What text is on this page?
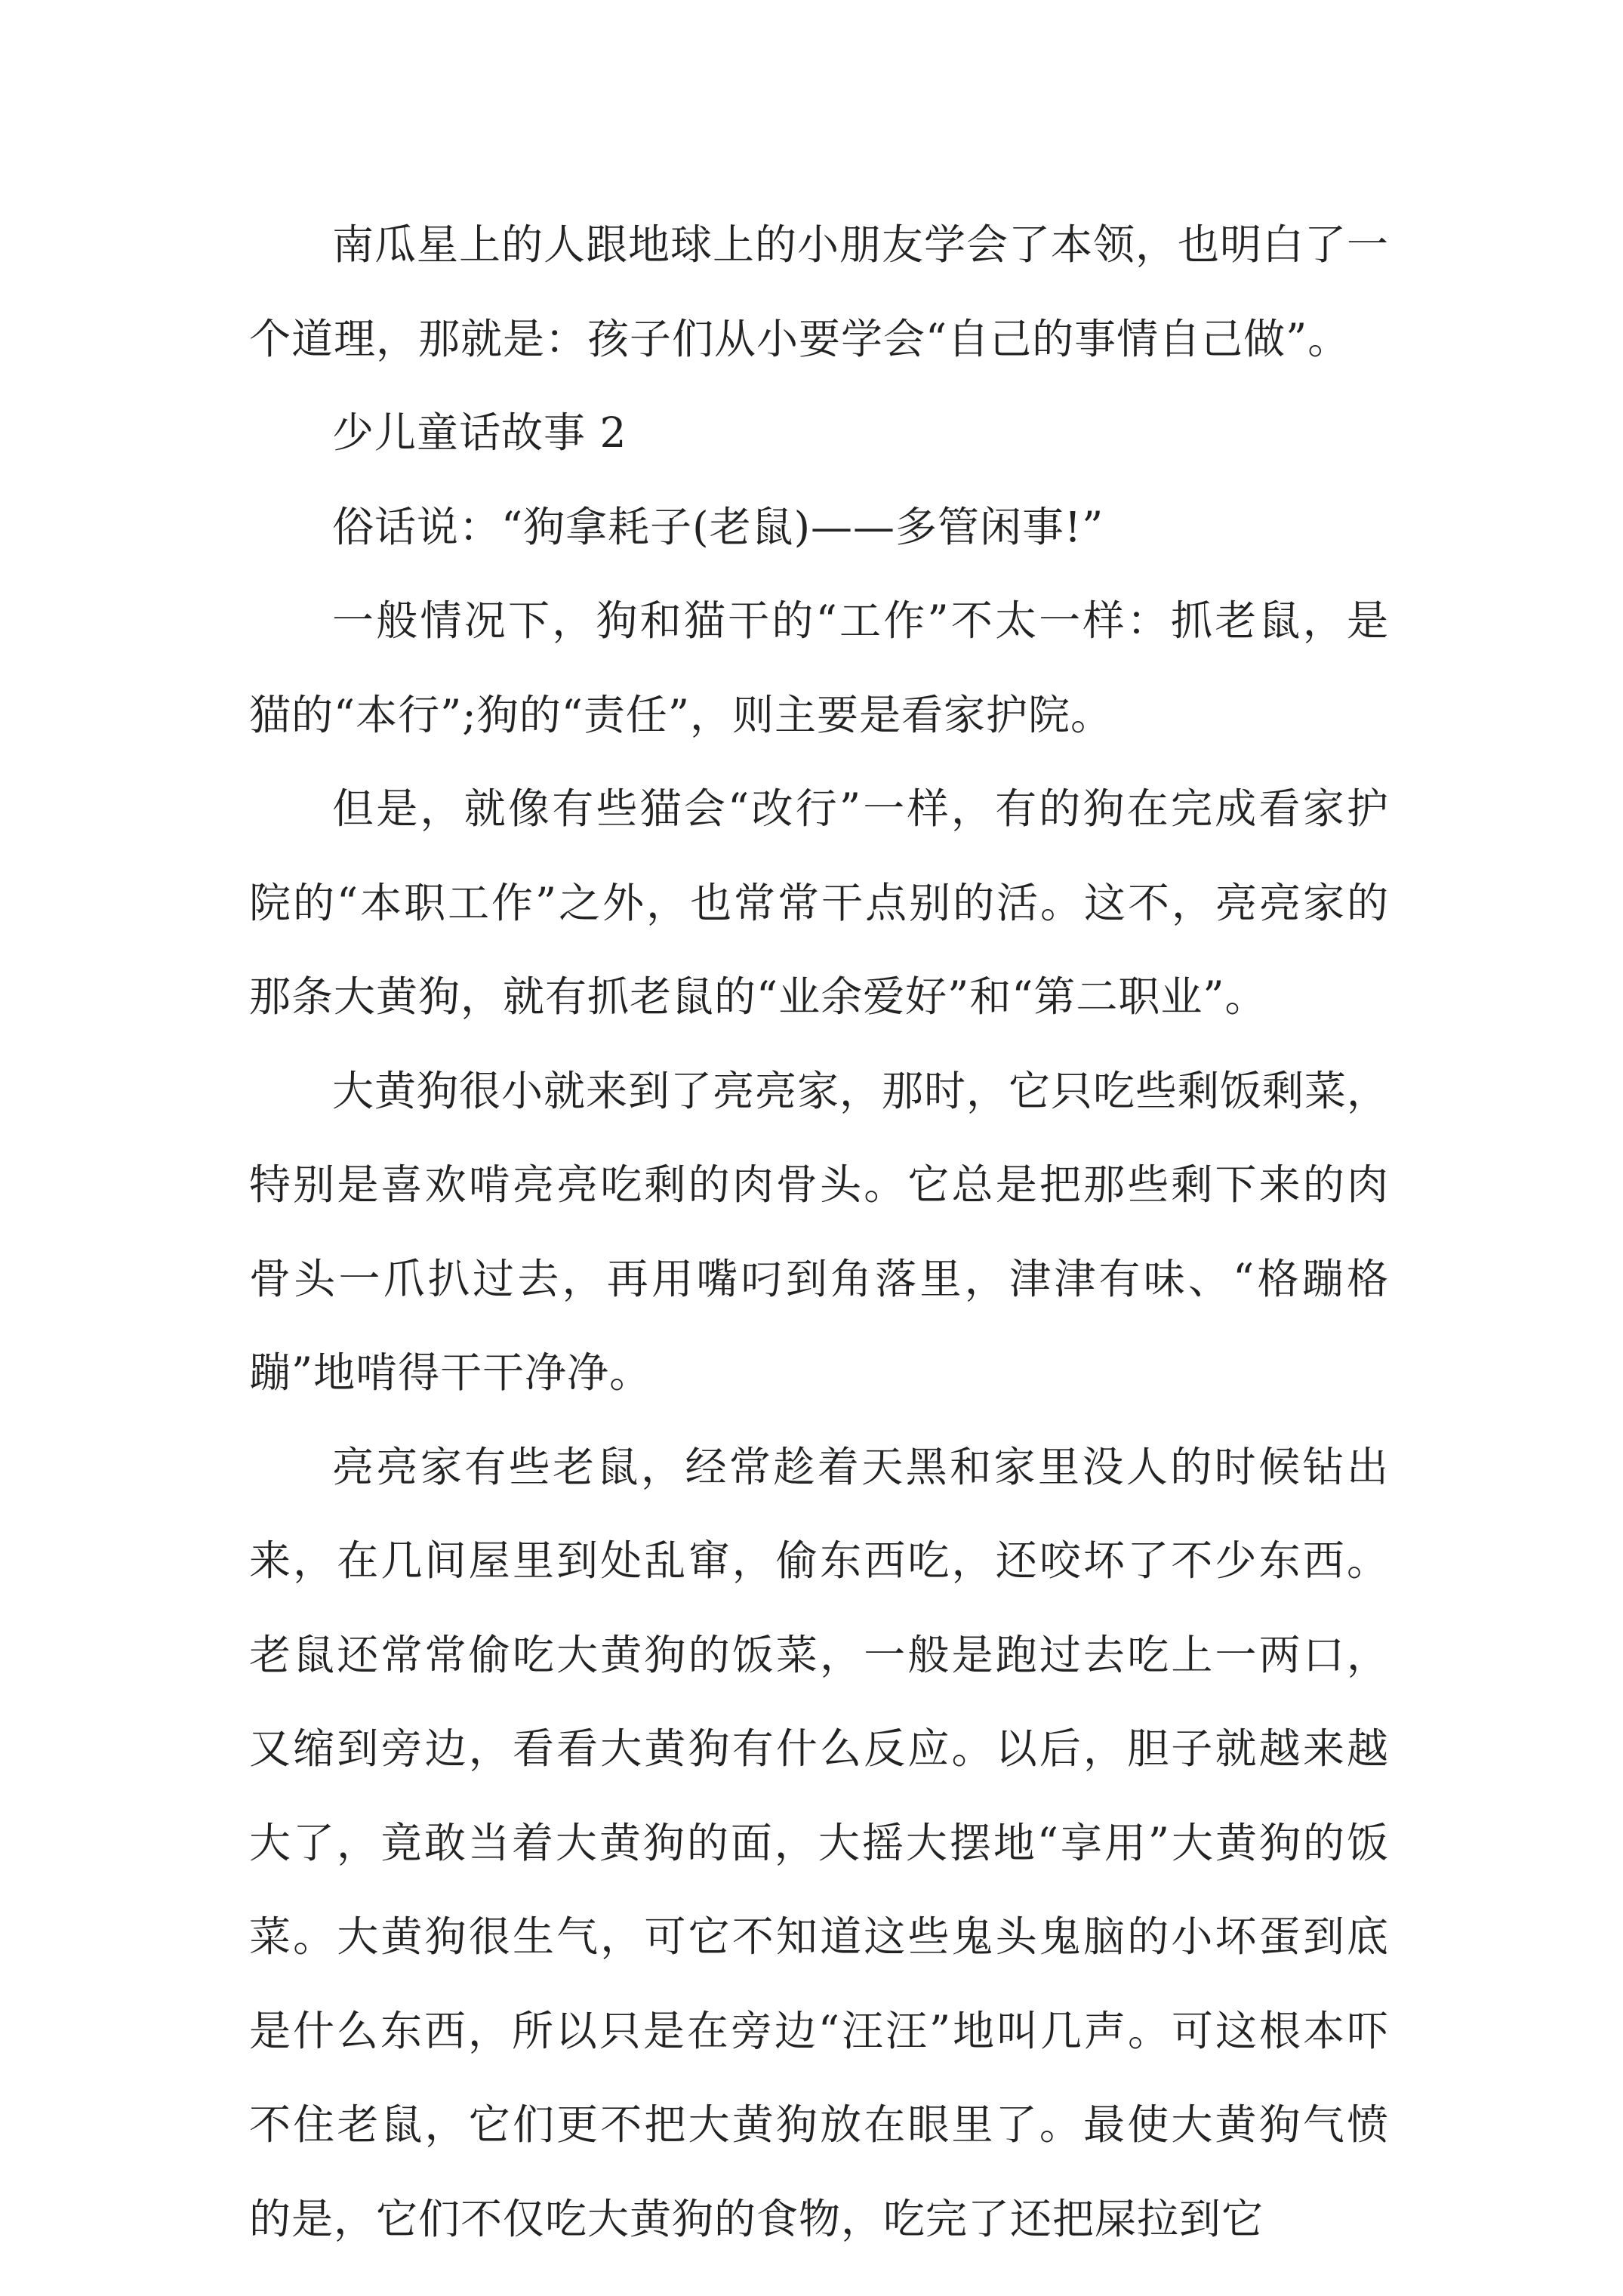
南瓜星上的人跟地球上的小朋友学会了本领，也明白了一个道理，那就是：孩子们从小要学会“自己的事情自己做”。

少儿童话故事 2

俗话说：“狗拿耗子(老鼠)——多管闲事!”

一般情况下，狗和猫干的“工作”不太一样：抓老鼠，是猫的“本行”;狗的“责任”，则主要是看家护院。

但是，就像有些猫会“改行”一样，有的狗在完成看家护院的“本职工作”之外，也常常干点别的活。这不，亮亮家的那条大黄狗，就有抓老鼠的“业余爱好”和“第二职业”。

大黄狗很小就来到了亮亮家，那时，它只吃些剩饭剩菜，特别是喜欢啃亮亮吃剩的肉骨头。它总是把那些剩下来的肉骨头一爪扒过去，再用嘴叼到角落里，津津有味、“格蹦格蹦”地啃得干干净净。

亮亮家有些老鼠，经常趁着天黑和家里没人的时候钻出来，在几间屋里到处乱窜，偷东西吃，还咬坏了不少东西。老鼠还常常偷吃大黄狗的饭菜，一般是跑过去吃上一两口，又缩到旁边，看看大黄狗有什么反应。以后，胆子就越来越大了，竟敢当着大黄狗的面，大摇大摆地“享用”大黄狗的饭菜。大黄狗很生气，可它不知道这些鬼头鬼脑的小坏蛋到底是什么东西，所以只是在旁边“汪汪”地叫几声。可这根本吓不住老鼠，它们更不把大黄狗放在眼里了。最使大黄狗气愤的是，它们不仅吃大黄狗的食物，吃完了还把屎拉到它
